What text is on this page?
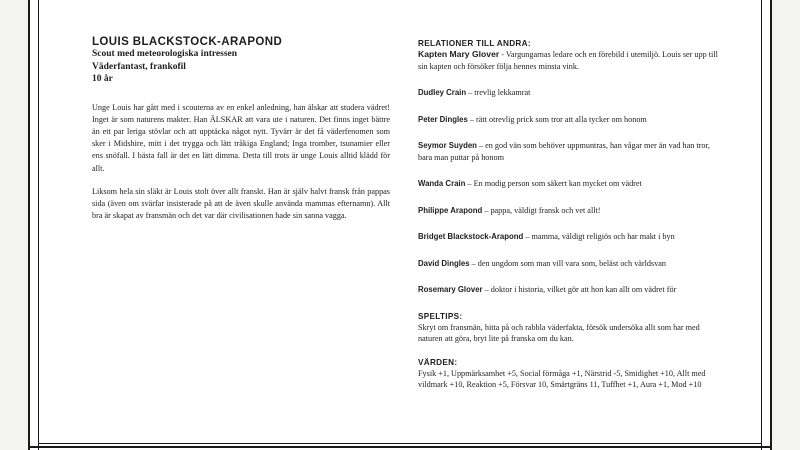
LOUIS BLACKSTOCK-ARAPOND

Scout med meteorologiska intressen

Väderfantast, frankofil

10 år

Unge Louis har gått med i scouterna av en enkel anledning, han älskar att studera vädret! Inget är som naturens makter. Han ÄLSKAR att vara ute i naturen. Det finns inget bättre än ett par leriga stövlar och att upptäcka något nytt. Tyvärr är det få väderfenomen som sker i Midshire, mitt i det trygga och lätt tråkiga England; Inga tromber, tsunamier eller ens snöfall. I bästa fall är det en lätt dimma. Detta till trots är unge Louis alltid klädd för allt.

Liksom hela sin släkt är Louis stolt över allt franskt. Han är själv halvt fransk från pappas sida (även om svärfar insisterade på att de även skulle använda mammas efternamn). Allt bra är skapat av fransmän och det var där civilisationen hade sin sanna vagga.

RELATIONER TILL ANDRA:

Kapten Mary Glover - Vargungarnas ledare och en förebild i utemiljö. Louis ser upp till sin kapten och försöker följa hennes minsta vink.

Dudley Crain – trevlig lekkamrat

Peter Dingles – rätt otrevlig prick som tror att alla tycker om honom

Seymor Suyden – en god vän som behöver uppmuntras, han vågar mer än vad han tror, bara man puttar på honom

Wanda Crain – En modig person som säkert kan mycket om vädret

Philippe Arapond – pappa, väldigt fransk och vet allt!

Bridget Blackstock-Arapond – mamma, väldigt religiös och har makt i byn

David Dingles – den ungdom som man vill vara som, beläst och världsvan

Rosemary Glover – doktor i historia, vilket gör att hon kan allt om vädret för

SPELTIPS:

Skryt om fransmän, hitta på och rabbla väderfakta, försök undersöka allt som har med naturen att göra, bryt lite på franska om du kan.

VÄRDEN:

Fysik +1, Uppmärksamhet +5, Social förmåga +1, Närstrid -5, Smidighet +10, Allt med vildmark +10, Reaktion +5, Försvar 10, Smärtgräns 11, Tuffhet +1, Aura +1, Mod +10
